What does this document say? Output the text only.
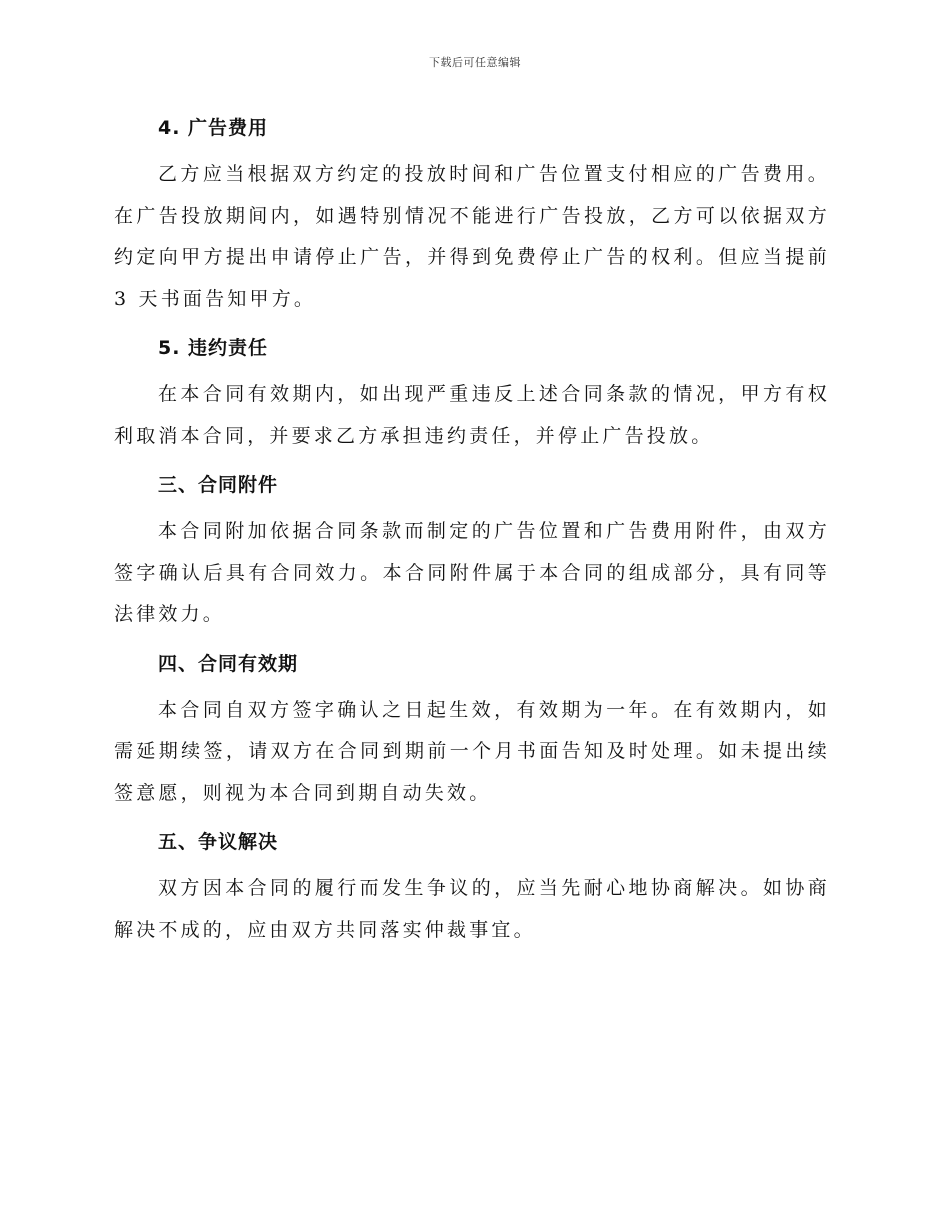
下载后可任意编辑
4. 广告费用

乙方应当根据双方约定的投放时间和广告位置支付相应的广告费用。在广告投放期间内，如遇特别情况不能进行广告投放，乙方可以依据双方约定向甲方提出申请停止广告，并得到免费停止广告的权利。但应当提前 3 天书面告知甲方。

5. 违约责任

在本合同有效期内，如出现严重违反上述合同条款的情况，甲方有权利取消本合同，并要求乙方承担违约责任，并停止广告投放。

三、合同附件

本合同附加依据合同条款而制定的广告位置和广告费用附件，由双方签字确认后具有合同效力。本合同附件属于本合同的组成部分，具有同等法律效力。

四、合同有效期

本合同自双方签字确认之日起生效，有效期为一年。在有效期内，如需延期续签，请双方在合同到期前一个月书面告知及时处理。如未提出续签意愿，则视为本合同到期自动失效。

五、争议解决

双方因本合同的履行而发生争议的，应当先耐心地协商解决。如协商解决不成的，应由双方共同落实仲裁事宜。
